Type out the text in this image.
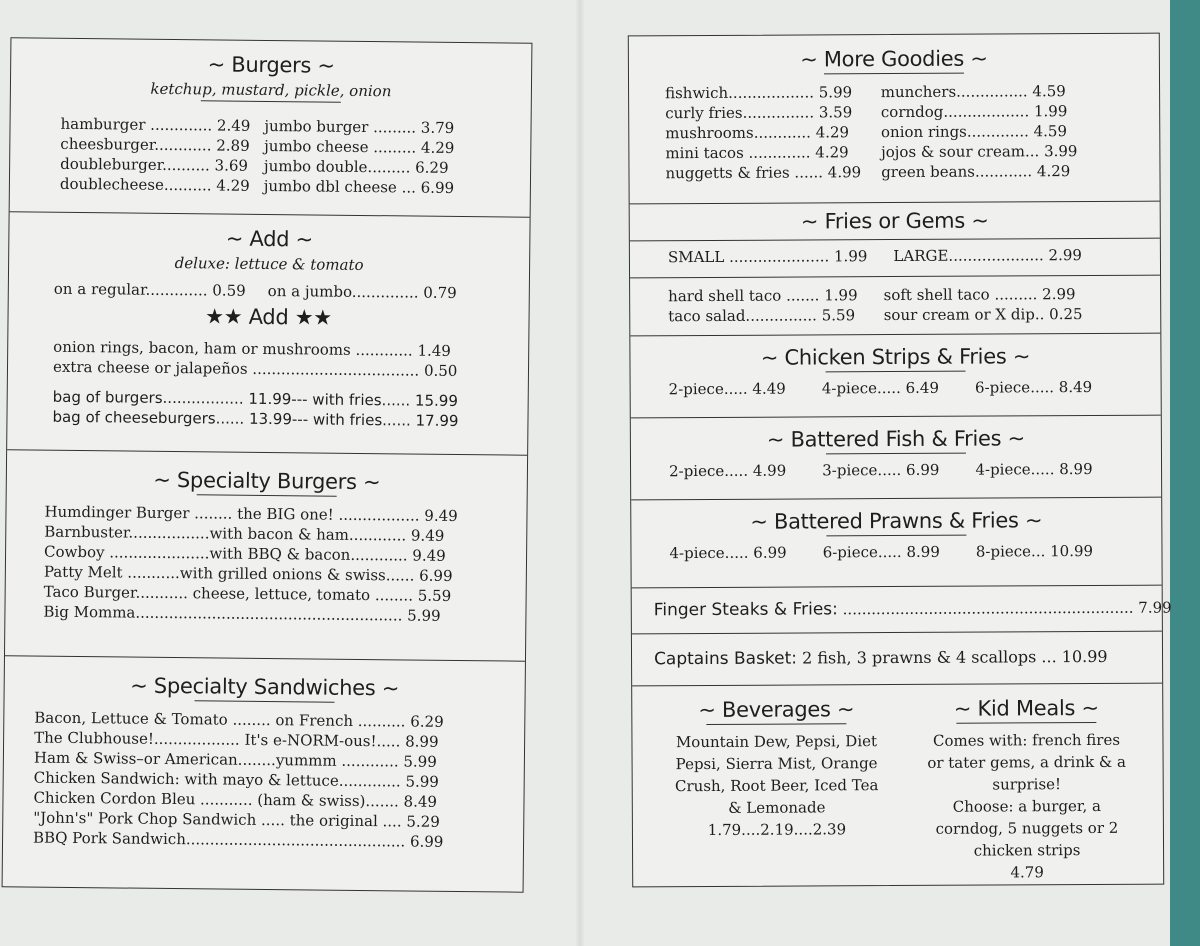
~ Burgers ~
ketchup, mustard, pickle, onion
hamburger ............. 2.49
cheesburger............ 2.89
doubleburger.......... 3.69
doublecheese.......... 4.29
jumbo burger ......... 3.79
jumbo cheese ......... 4.29
jumbo double......... 6.29
jumbo dbl cheese ... 6.99
~ Add ~
deluxe: lettuce & tomato
on a regular............. 0.59 on a jumbo.............. 0.79
★★ Add ★★
onion rings, bacon, ham or mushrooms ............ 1.49
extra cheese or jalapeños ................................... 0.50
bag of burgers................. 11.99--- with fries...... 15.99
bag of cheeseburgers...... 13.99--- with fries...... 17.99
~ Specialty Burgers ~
Humdinger Burger ........ the BIG one! ................. 9.49
Barnbuster.................with bacon & ham............ 9.49
Cowboy .....................with BBQ & bacon............ 9.49
Patty Melt ...........with grilled onions & swiss...... 6.99
Taco Burger........... cheese, lettuce, tomato ........ 5.59
Big Momma........................................................ 5.99
~ Specialty Sandwiches ~
Bacon, Lettuce & Tomato ........ on French .......... 6.29
The Clubhouse!.................. It's e-NORM-ous!..... 8.99
Ham & Swiss–or American........yummm ............ 5.99
Chicken Sandwich: with mayo & lettuce............. 5.99
Chicken Cordon Bleu ........... (ham & swiss)....... 8.49
"John's" Pork Chop Sandwich ..... the original .... 5.29
BBQ Pork Sandwich.............................................. 6.99
~ More Goodies ~
fishwich.................. 5.99
curly fries............... 3.59
mushrooms............ 4.29
mini tacos ............. 4.29
nuggetts & fries ...... 4.99
munchers............... 4.59
corndog.................. 1.99
onion rings............. 4.59
jojos & sour cream... 3.99
green beans............ 4.29
~ Fries or Gems ~
SMALL ..................... 1.99 LARGE.................... 2.99
hard shell taco ....... 1.99
taco salad............... 5.59
soft shell taco ......... 2.99
sour cream or X dip.. 0.25
~ Chicken Strips & Fries ~
2-piece..... 4.49 4-piece..... 6.49 6-piece..... 8.49
~ Battered Fish & Fries ~
2-piece..... 4.99 3-piece..... 6.99 4-piece..... 8.99
~ Battered Prawns & Fries ~
4-piece..... 6.99 6-piece..... 8.99 8-piece... 10.99
Finger Steaks & Fries: ............................................................. 7.99
Captains Basket: 2 fish, 3 prawns & 4 scallops ... 10.99
~ Beverages ~
Mountain Dew, Pepsi, Diet
Pepsi, Sierra Mist, Orange
Crush, Root Beer, Iced Tea
& Lemonade
1.79....2.19....2.39
~ Kid Meals ~
Comes with: french fires
or tater gems, a drink & a
surprise!
Choose: a burger, a
corndog, 5 nuggets or 2
chicken strips
4.79
